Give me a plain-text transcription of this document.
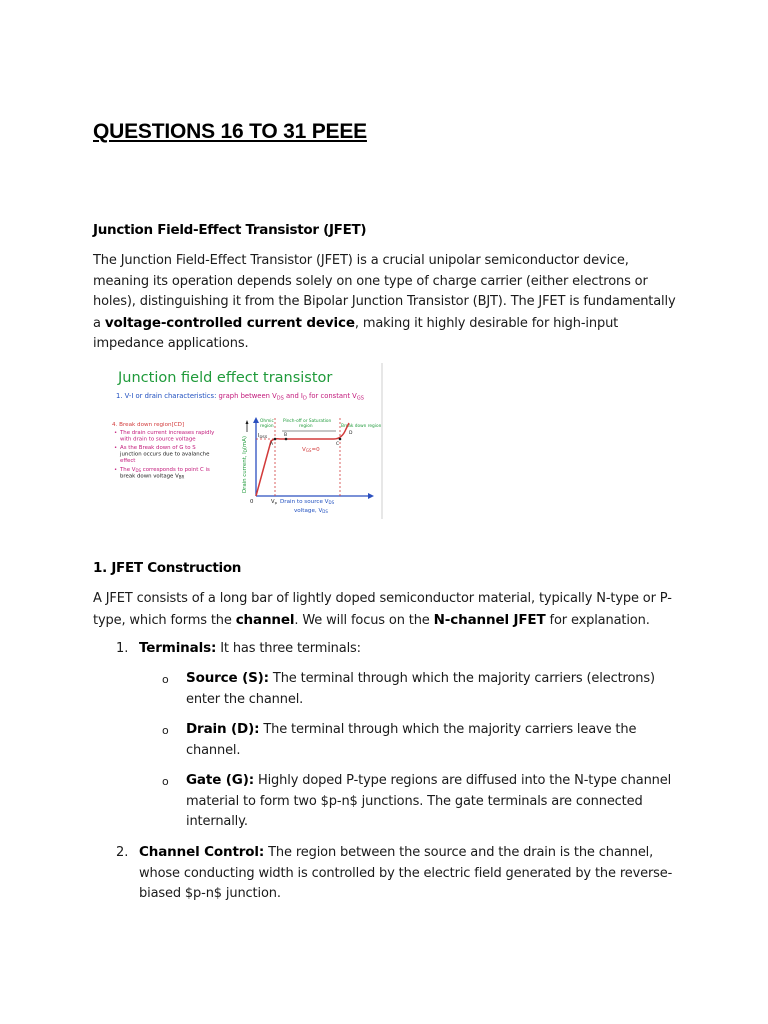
QUESTIONS 16 TO 31 PEEE
Junction Field-Effect Transistor (JFET)

The Junction Field-Effect Transistor (JFET) is a crucial unipolar semiconductor device, meaning its operation depends solely on one type of charge carrier (either electrons or holes), distinguishing it from the Bipolar Junction Transistor (BJT). The JFET is fundamentally a voltage-controlled current device, making it highly desirable for high-input impedance applications.

Junction field effect transistor
1. V-I or drain characteristics: graph between $V_{DS}$ and $I_D$ for constant $V_{GS}$
4. Break down region[CD]
• The drain current increases rapidly with drain to source voltage
• As the Break down of G to S junction occurs due to avalanche effect
• The VDS corresponds to point C is break down voltage VBR	Drain current, ID(mA)
0
Ohmic region
Pinch-off or Saturation region	Break down region
$I_{DSS}$
VGS=0
A
B
C
D
Vp Drain to source VDS voltage, VDS
1. JFET Construction

A JFET consists of a long bar of lightly doped semiconductor material, typically N-type or P-type, which forms the channel. We will focus on the N-channel JFET for explanation.

1. Terminals: It has three terminals:

o Source (S): The terminal through which the majority carriers (electrons) enter the channel.

o Drain (D): The terminal through which the majority carriers leave the channel.

o Gate (G): Highly doped P-type regions are diffused into the N-type channel material to form two $p-n$ junctions. The gate terminals are connected internally.

2. Channel Control: The region between the source and the drain is the channel, whose conducting width is controlled by the electric field generated by the reverse-biased $p-n$ junction.
